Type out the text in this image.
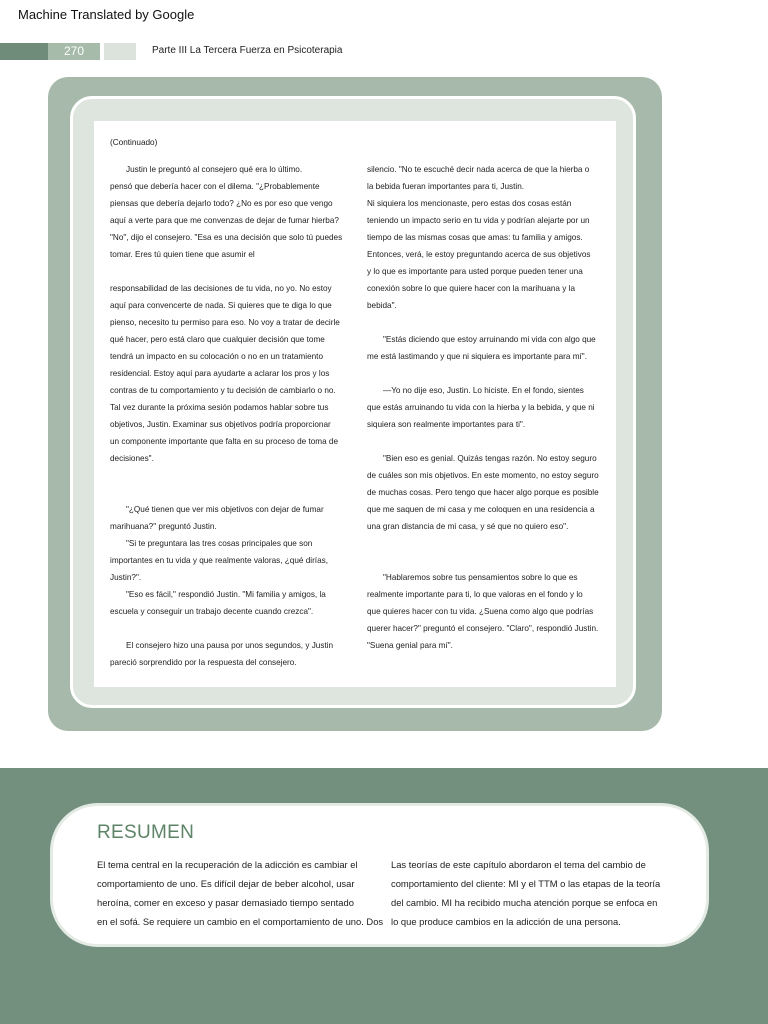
Machine Translated by Google
270	Parte III La Tercera Fuerza en Psicoterapia
(Continuado)

Justin le preguntó al consejero qué era lo último.

pensó que debería hacer con el dilema. "¿Probablemente

piensas que debería dejarlo todo? ¿No es por eso que vengo

aquí a verte para que me convenzas de dejar de fumar hierba?

"No", dijo el consejero. "Esa es una decisión que solo tú puedes

tomar. Eres tú quien tiene que asumir el

responsabilidad de las decisiones de tu vida, no yo. No estoy

aquí para convencerte de nada. Si quieres que te diga lo que

pienso, necesito tu permiso para eso. No voy a tratar de decirle

qué hacer, pero está claro que cualquier decisión que tome

tendrá un impacto en su colocación o no en un tratamiento

residencial. Estoy aquí para ayudarte a aclarar los pros y los

contras de tu comportamiento y tu decisión de cambiarlo o no.

Tal vez durante la próxima sesión podamos hablar sobre tus

objetivos, Justin. Examinar sus objetivos podría proporcionar

un componente importante que falta en su proceso de toma de

decisiones".

"¿Qué tienen que ver mis objetivos con dejar de fumar

marihuana?" preguntó Justin.

"Si te preguntara las tres cosas principales que son

importantes en tu vida y que realmente valoras, ¿qué dirías,

Justin?".

"Eso es fácil," respondió Justin. "Mi familia y amigos, la

escuela y conseguir un trabajo decente cuando crezca".

El consejero hizo una pausa por unos segundos, y Justin

pareció sorprendido por la respuesta del consejero.

silencio. "No te escuché decir nada acerca de que la hierba o

la bebida fueran importantes para ti, Justin.

Ni siquiera los mencionaste, pero estas dos cosas están

teniendo un impacto serio en tu vida y podrían alejarte por un

tiempo de las mismas cosas que amas: tu familia y amigos.

Entonces, verá, le estoy preguntando acerca de sus objetivos

y lo que es importante para usted porque pueden tener una

conexión sobre lo que quiere hacer con la marihuana y la

bebida".

"Estás diciendo que estoy arruinando mi vida con algo que

me está lastimando y que ni siquiera es importante para mí".

—Yo no dije eso, Justin. Lo hiciste. En el fondo, sientes

que estás arruinando tu vida con la hierba y la bebida, y que ni

siquiera son realmente importantes para ti".

"Bien eso es genial. Quizás tengas razón. No estoy seguro

de cuáles son mis objetivos. En este momento, no estoy seguro

de muchas cosas. Pero tengo que hacer algo porque es posible

que me saquen de mi casa y me coloquen en una residencia a

una gran distancia de mi casa, y sé que no quiero eso".

"Hablaremos sobre tus pensamientos sobre lo que es

realmente importante para ti, lo que valoras en el fondo y lo

que quieres hacer con tu vida. ¿Suena como algo que podrías

querer hacer?" preguntó el consejero. "Claro", respondió Justin.

"Suena genial para mí".

RESUMEN

El tema central en la recuperación de la adicción es cambiar el

comportamiento de uno. Es difícil dejar de beber alcohol, usar

heroína, comer en exceso y pasar demasiado tiempo sentado

en el sofá. Se requiere un cambio en el comportamiento de uno. Dos

Las teorías de este capítulo abordaron el tema del cambio de

comportamiento del cliente: MI y el TTM o las etapas de la teoría

del cambio. MI ha recibido mucha atención porque se enfoca en

lo que produce cambios en la adicción de una persona.
